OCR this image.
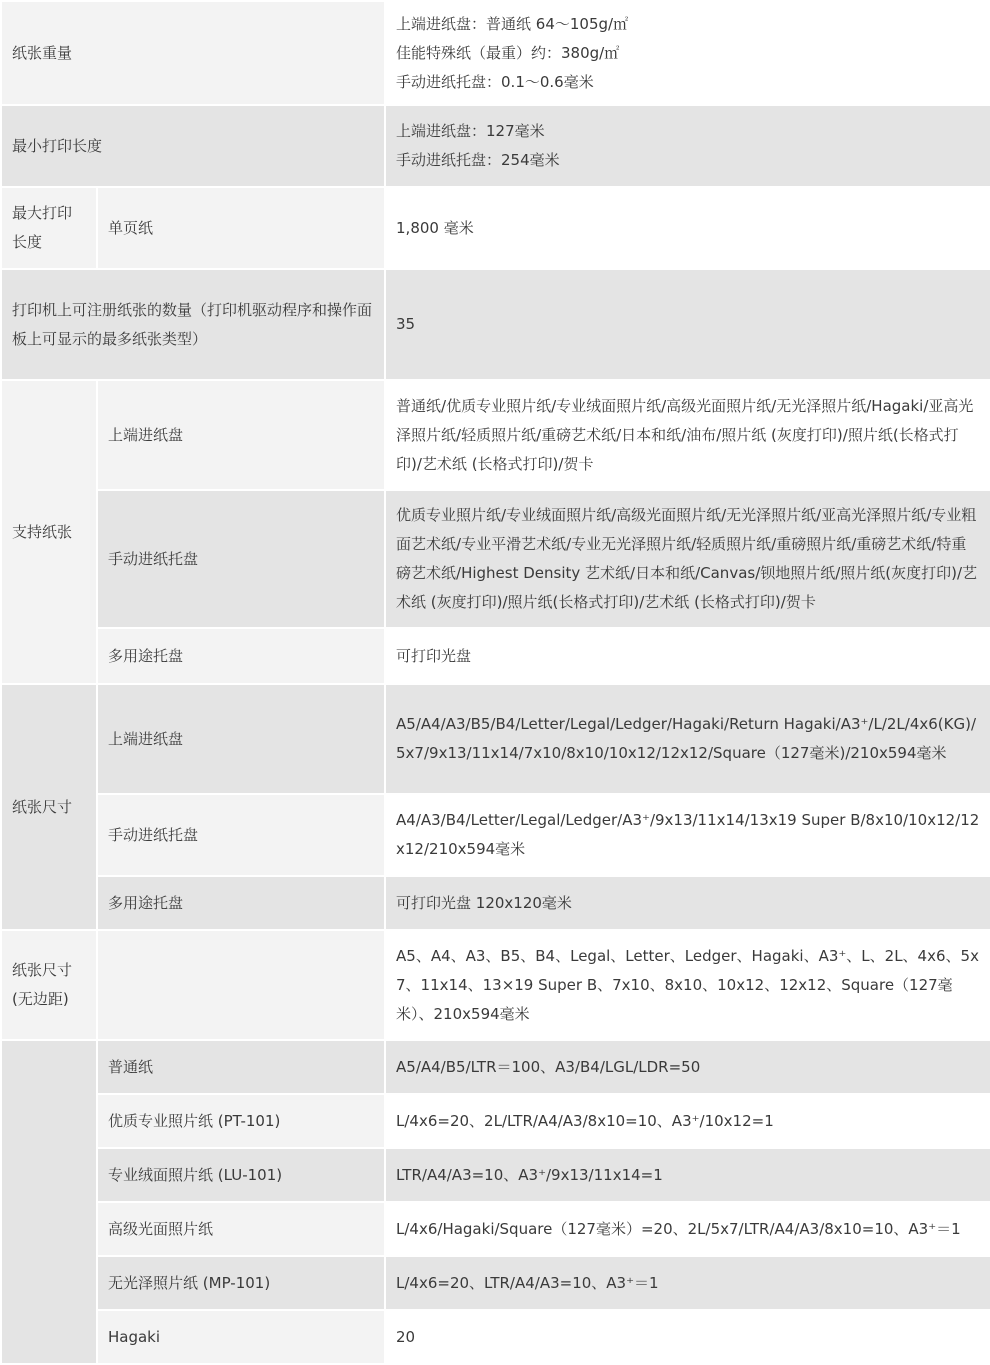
纸张重量		上端进纸盘：普通纸 64～105g/㎡
佳能特殊纸（最重）约：380g/㎡
手动进纸托盘：0.1～0.6毫米

最小打印长度		上端进纸盘：127毫米
手动进纸托盘：254毫米

最大打印长度	单页纸	1,800 毫米
打印机上可注册纸张的数量（打印机驱动程序和操作面板上可显示的最多纸张类型）		35
支持纸张	上端进纸盘	普通纸/优质专业照片纸/专业绒面照片纸/高级光面照片纸/无光泽照片纸/Hagaki/亚高光泽照片纸/轻质照片纸/重磅艺术纸/日本和纸/油布/照片纸 (灰度打印)/照片纸(长格式打印)/艺术纸 (长格式打印)/贺卡
	手动进纸托盘	优质专业照片纸/专业绒面照片纸/高级光面照片纸/无光泽照片纸/亚高光泽照片纸/专业粗面艺术纸/专业平滑艺术纸/专业无光泽照片纸/轻质照片纸/重磅照片纸/重磅艺术纸/特重磅艺术纸/Highest Density 艺术纸/日本和纸/Canvas/钡地照片纸/照片纸(灰度打印)/艺术纸 (灰度打印)/照片纸(长格式打印)/艺术纸 (长格式打印)/贺卡
	多用途托盘	可打印光盘
纸张尺寸	上端进纸盘	A5/A4/A3/B5/B4/Letter/Legal/Ledger/Hagaki/Return Hagaki/A3⁺/L/2L/4x6(KG)/5x7/9x13/11x14/7x10/8x10/10x12/12x12/Square（127毫米)/210x594毫米
	手动进纸托盘	A4/A3/B4/Letter/Legal/Ledger/A3⁺/9x13/11x14/13x19 Super B/8x10/10x12/12x12/210x594毫米
	多用途托盘	可打印光盘 120x120毫米
纸张尺寸(无边距)		A5、A4、A3、B5、B4、Legal、Letter、Ledger、Hagaki、A3⁺、L、2L、4x6、5x7、11x14、13×19 Super B、7x10、8x10、10x12、12x12、Square（127毫米）、210x594毫米
	普通纸	A5/A4/B5/LTR＝100、A3/B4/LGL/LDR=50
	优质专业照片纸 (PT-101)	L/4x6=20、2L/LTR/A4/A3/8x10=10、A3⁺/10x12=1
	专业绒面照片纸 (LU-101)	LTR/A4/A3=10、A3⁺/9x13/11x14=1
	高级光面照片纸	L/4x6/Hagaki/Square（127毫米）=20、2L/5x7/LTR/A4/A3/8x10=10、A3⁺＝1
	无光泽照片纸 (MP-101)	L/4x6=20、LTR/A4/A3=10、A3⁺＝1
	Hagaki	20
